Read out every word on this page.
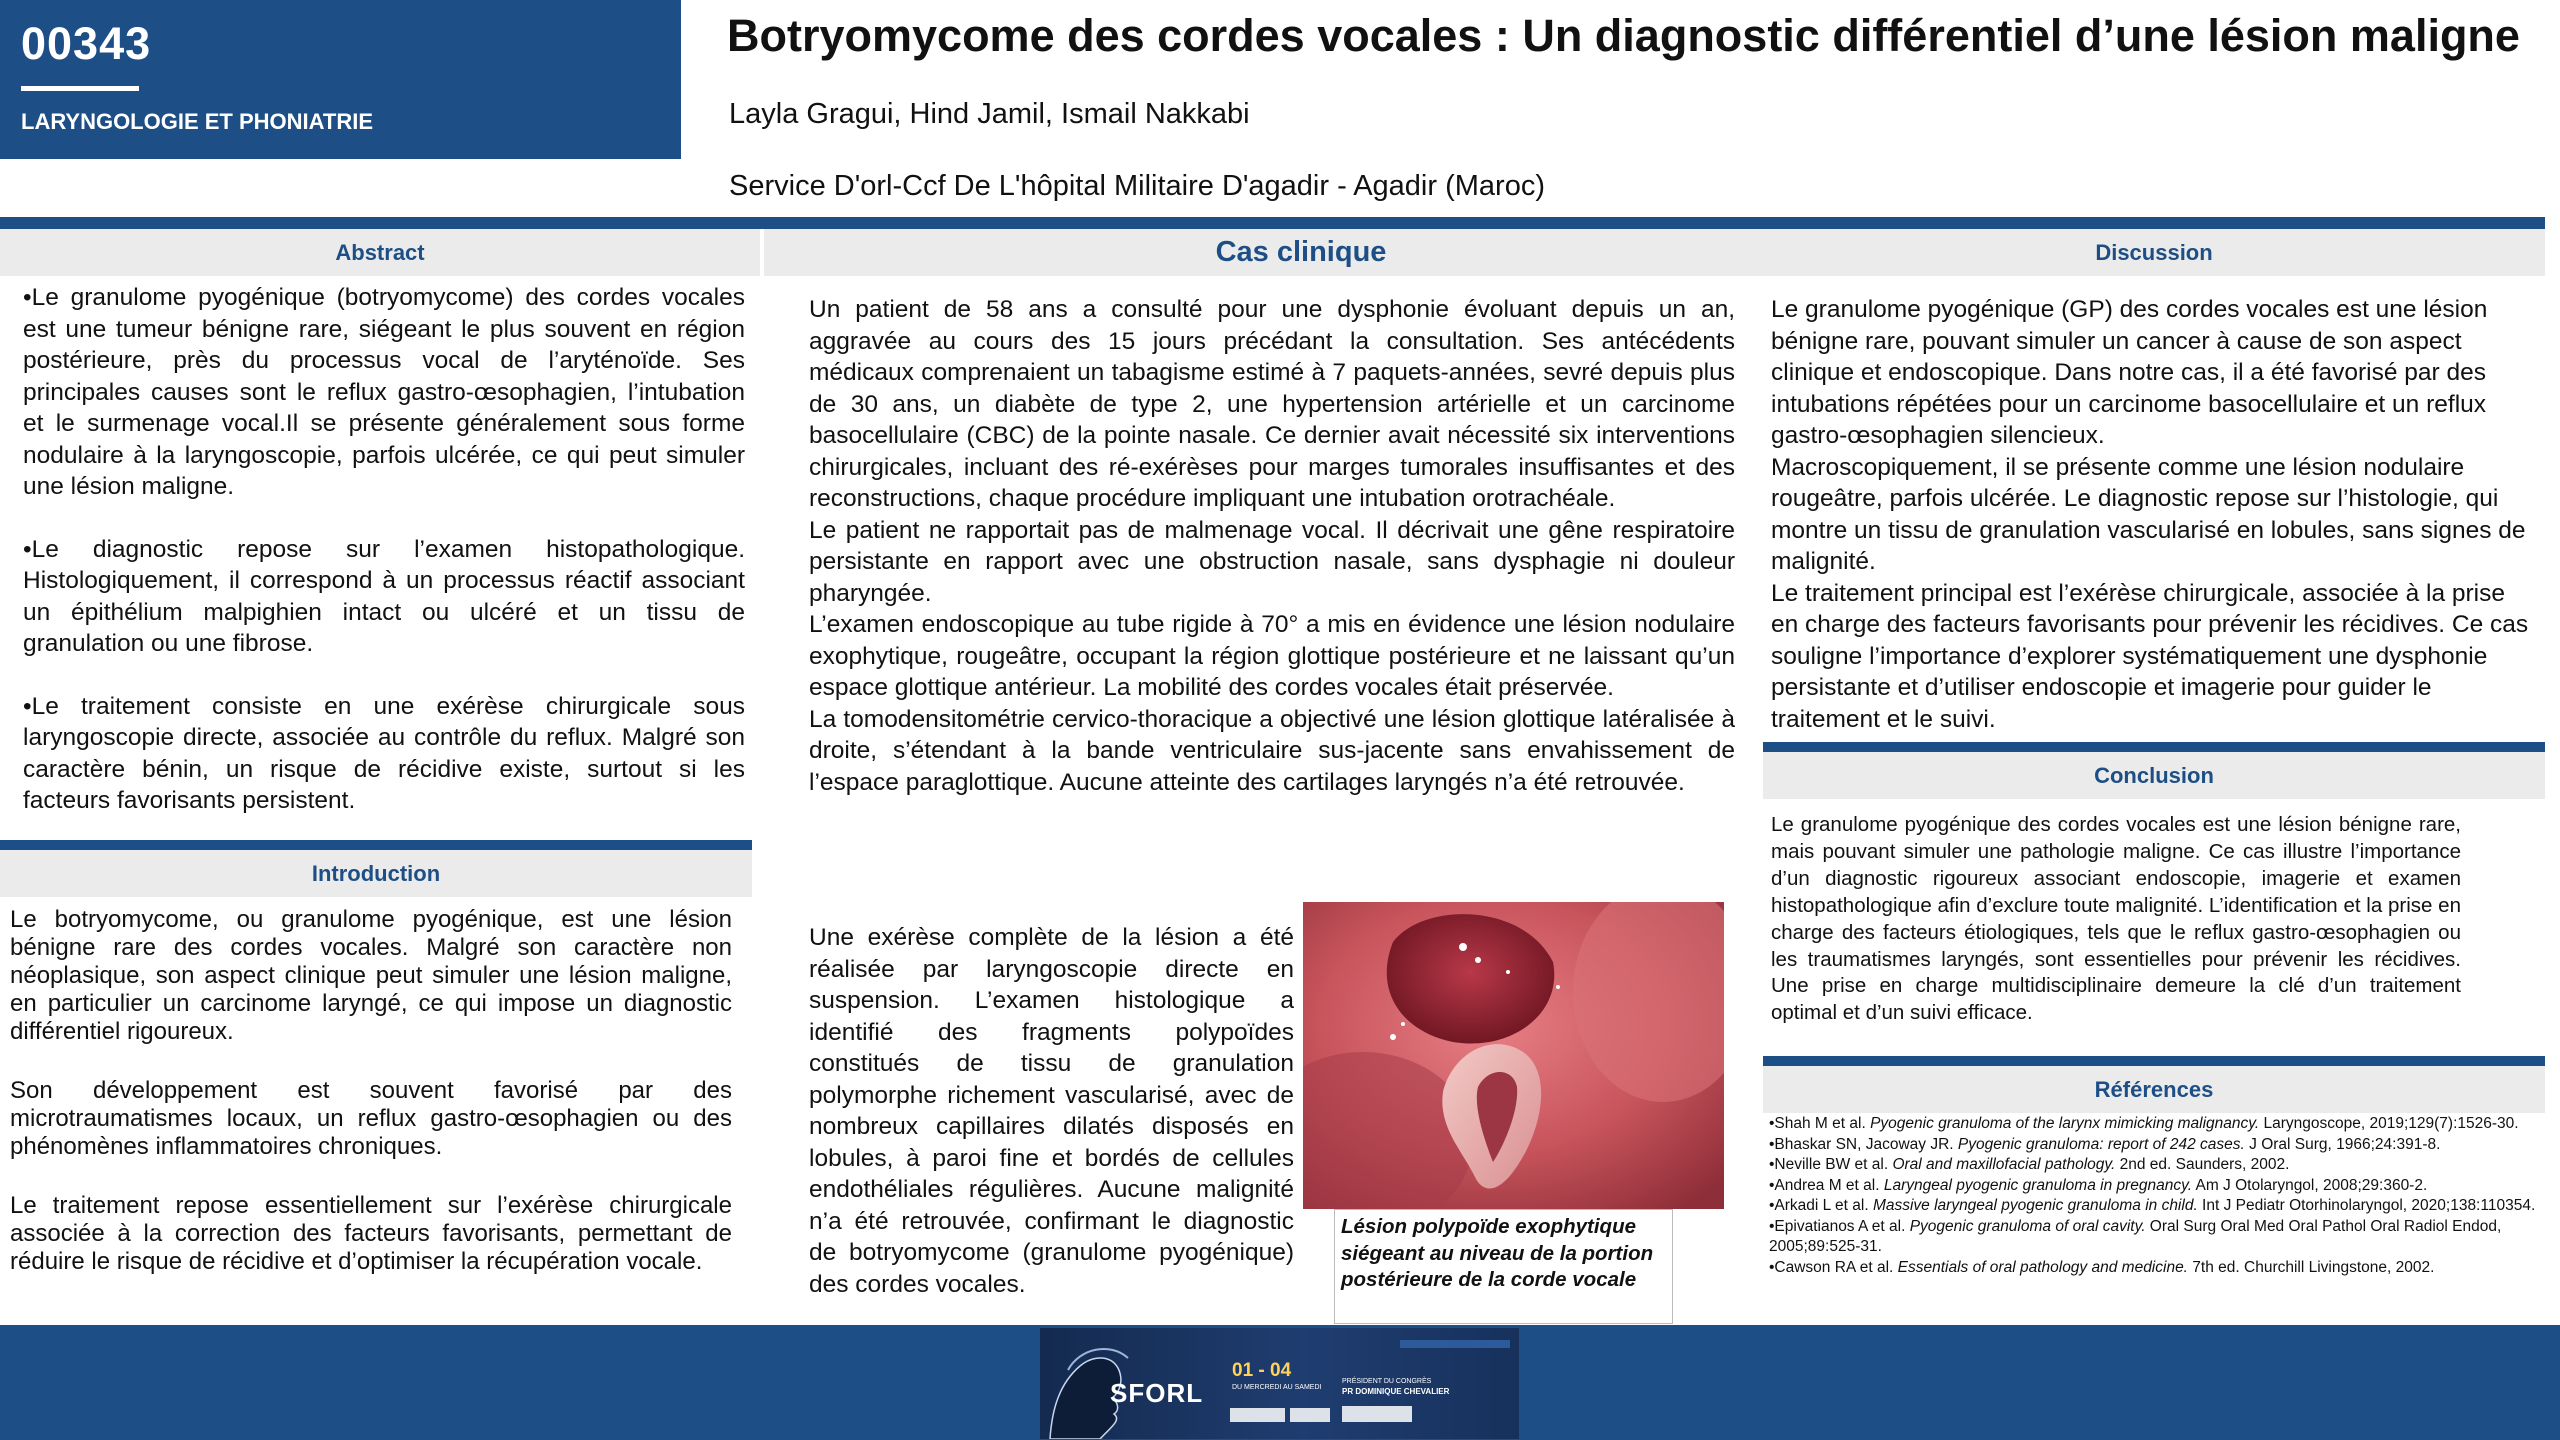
00343
LARYNGOLOGIE ET PHONIATRIE
Botryomycome des cordes vocales : Un diagnostic différentiel d’une lésion maligne
Layla Gragui, Hind Jamil, Ismail Nakkabi
Service D'orl-Ccf De L'hôpital Militaire D'agadir - Agadir (Maroc)
Abstract

•Le granulome pyogénique (botryomycome) des cordes vocales est une tumeur bénigne rare, siégeant le plus souvent en région postérieure, près du processus vocal de l’aryténoïde. Ses principales causes sont le reflux gastro-œsophagien, l’intubation et le surmenage vocal.Il se présente généralement sous forme nodulaire à la laryngoscopie, parfois ulcérée, ce qui peut simuler une lésion maligne.

•Le diagnostic repose sur l’examen histopathologique. Histologiquement, il correspond à un processus réactif associant un épithélium malpighien intact ou ulcéré et un tissu de granulation ou une fibrose.

•Le traitement consiste en une exérèse chirurgicale sous laryngoscopie directe, associée au contrôle du reflux. Malgré son caractère bénin, un risque de récidive existe, surtout si les facteurs favorisants persistent.

Introduction

Le botryomycome, ou granulome pyogénique, est une lésion bénigne rare des cordes vocales. Malgré son caractère non néoplasique, son aspect clinique peut simuler une lésion maligne, en particulier un carcinome laryngé, ce qui impose un diagnostic différentiel rigoureux.

Son développement est souvent favorisé par des microtraumatismes locaux, un reflux gastro-œsophagien ou des phénomènes inflammatoires chroniques.

Le traitement repose essentiellement sur l’exérèse chirurgicale associée à la correction des facteurs favorisants, permettant de réduire le risque de récidive et d’optimiser la récupération vocale.

Cas clinique

Un patient de 58 ans a consulté pour une dysphonie évoluant depuis un an, aggravée au cours des 15 jours précédant la consultation. Ses antécédents médicaux comprenaient un tabagisme estimé à 7 paquets-années, sevré depuis plus de 30 ans, un diabète de type 2, une hypertension artérielle et un carcinome basocellulaire (CBC) de la pointe nasale. Ce dernier avait nécessité six interventions chirurgicales, incluant des ré-exérèses pour marges tumorales insuffisantes et des reconstructions, chaque procédure impliquant une intubation orotrachéale.

Le patient ne rapportait pas de malmenage vocal. Il décrivait une gêne respiratoire persistante en rapport avec une obstruction nasale, sans dysphagie ni douleur pharyngée.

L’examen endoscopique au tube rigide à 70° a mis en évidence une lésion nodulaire exophytique, rougeâtre, occupant la région glottique postérieure et ne laissant qu’un espace glottique antérieur. La mobilité des cordes vocales était préservée.

La tomodensitométrie cervico-thoracique a objectivé une lésion glottique latéralisée à droite, s’étendant à la bande ventriculaire sus-jacente sans envahissement de l’espace paraglottique. Aucune atteinte des cartilages laryngés n’a été retrouvée.

Une exérèse complète de la lésion a été réalisée par laryngoscopie directe en suspension. L’examen histologique a identifié des fragments polypoïdes constitués de tissu de granulation polymorphe richement vascularisé, avec de nombreux capillaires dilatés disposés en lobules, à paroi fine et bordés de cellules endothéliales régulières. Aucune malignité n’a été retrouvée, confirmant le diagnostic de botryomycome (granulome pyogénique) des cordes vocales.

Lésion polypoïde exophytique siégeant au niveau de la portion postérieure de la corde vocale
Discussion

Le granulome pyogénique (GP) des cordes vocales est une lésion bénigne rare, pouvant simuler un cancer à cause de son aspect clinique et endoscopique. Dans notre cas, il a été favorisé par des intubations répétées pour un carcinome basocellulaire et un reflux gastro-œsophagien silencieux.

Macroscopiquement, il se présente comme une lésion nodulaire rougeâtre, parfois ulcérée. Le diagnostic repose sur l’histologie, qui montre un tissu de granulation vascularisé en lobules, sans signes de malignité.

Le traitement principal est l’exérèse chirurgicale, associée à la prise en charge des facteurs favorisants pour prévenir les récidives. Ce cas souligne l’importance d’explorer systématiquement une dysphonie persistante et d’utiliser endoscopie et imagerie pour guider le traitement et le suivi.

Conclusion
Le granulome pyogénique des cordes vocales est une lésion bénigne rare, mais pouvant simuler une pathologie maligne. Ce cas illustre l’importance d’un diagnostic rigoureux associant endoscopie, imagerie et examen histopathologique afin d’exclure toute malignité. L’identification et la prise en charge des facteurs étiologiques, tels que le reflux gastro-œsophagien ou les traumatismes laryngés, sont essentielles pour prévenir les récidives. Une prise en charge multidisciplinaire demeure la clé d’un traitement optimal et d’un suivi efficace.
Références
•Shah M et al. Pyogenic granuloma of the larynx mimicking malignancy. Laryngoscope, 2019;129(7):1526-30.
•Bhaskar SN, Jacoway JR. Pyogenic granuloma: report of 242 cases. J Oral Surg, 1966;24:391-8.
•Neville BW et al. Oral and maxillofacial pathology. 2nd ed. Saunders, 2002.
•Andrea M et al. Laryngeal pyogenic granuloma in pregnancy. Am J Otolaryngol, 2008;29:360-2.
•Arkadi L et al. Massive laryngeal pyogenic granuloma in child. Int J Pediatr Otorhinolaryngol, 2020;138:110354.
•Epivatianos A et al. Pyogenic granuloma of oral cavity. Oral Surg Oral Med Oral Pathol Oral Radiol Endod, 2005;89:525-31.
•Cawson RA et al. Essentials of oral pathology and medicine. 7th ed. Churchill Livingstone, 2002.
SFORL
01 - 04
DU MERCREDI AU SAMEDI
PRÉSIDENT DU CONGRÈS
PR DOMINIQUE CHEVALIER
